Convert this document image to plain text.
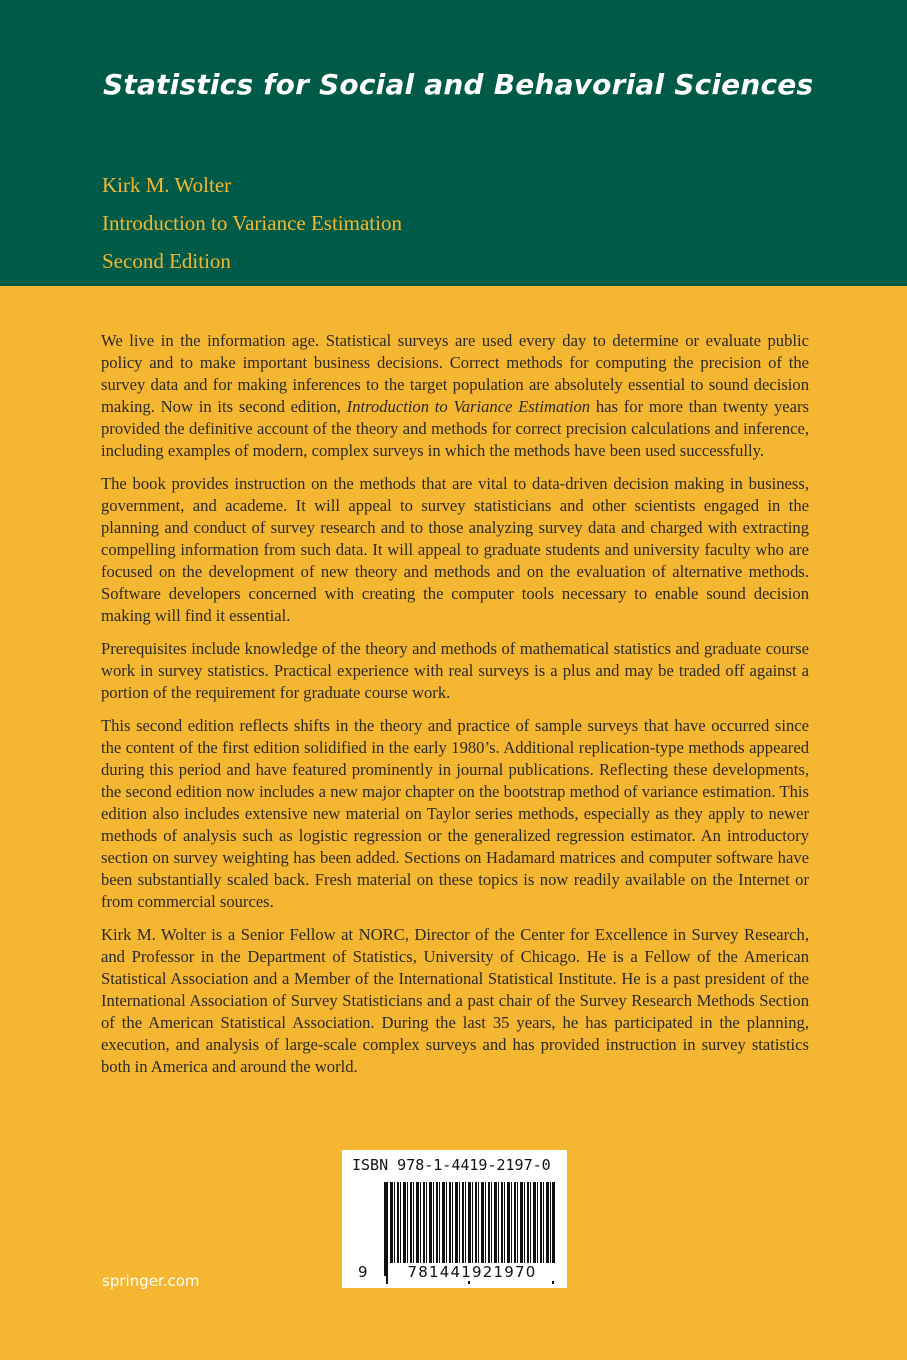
Statistics for Social and Behavorial Sciences
Kirk M. Wolter
Introduction to Variance Estimation
Second Edition

We live in the information age. Statistical surveys are used every day to determine or evaluate public policy and to make important business decisions. Correct methods for computing the precision of the survey data and for making inferences to the target population are absolutely essential to sound decision making. Now in its second edition, Introduction to Variance Estimation has for more than twenty years provided the definitive account of the theory and methods for correct precision calculations and inference, including examples of modern, complex surveys in which the methods have been used successfully.

The book provides instruction on the methods that are vital to data-driven decision making in business, government, and academe. It will appeal to survey statisticians and other scientists engaged in the planning and conduct of survey research and to those analyzing survey data and charged with extracting compelling information from such data. It will appeal to graduate students and university faculty who are focused on the development of new theory and methods and on the evaluation of alternative methods. Software developers concerned with creating the computer tools necessary to enable sound decision making will find it essential.

Prerequisites include knowledge of the theory and methods of mathematical statistics and graduate course work in survey statistics. Practical experience with real surveys is a plus and may be traded off against a portion of the requirement for graduate course work.

This second edition reflects shifts in the theory and practice of sample surveys that have occurred since the content of the first edition solidified in the early 1980’s. Additional replication-type methods appeared during this period and have featured prominently in journal publications. Reflecting these developments, the second edition now includes a new major chapter on the bootstrap method of variance estimation. This edition also includes extensive new material on Taylor series methods, especially as they apply to newer methods of analysis such as logistic regression or the generalized regression estimator. An introductory section on survey weighting has been added. Sections on Hadamard matrices and computer software have been substantially scaled back. Fresh material on these topics is now readily available on the Internet or from commercial sources.

Kirk M. Wolter is a Senior Fellow at NORC, Director of the Center for Excellence in Survey Research, and Professor in the Department of Statistics, University of Chicago. He is a Fellow of the American Statistical Association and a Member of the International Statistical Institute. He is a past president of the International Association of Survey Statisticians and a past chair of the Survey Research Methods Section of the American Statistical Association. During the last 35 years, he has participated in the planning, execution, and analysis of large-scale complex surveys and has provided instruction in survey statistics both in America and around the world.

ISBN 978-1-4419-2197-0
9	781441921970
springer.com
